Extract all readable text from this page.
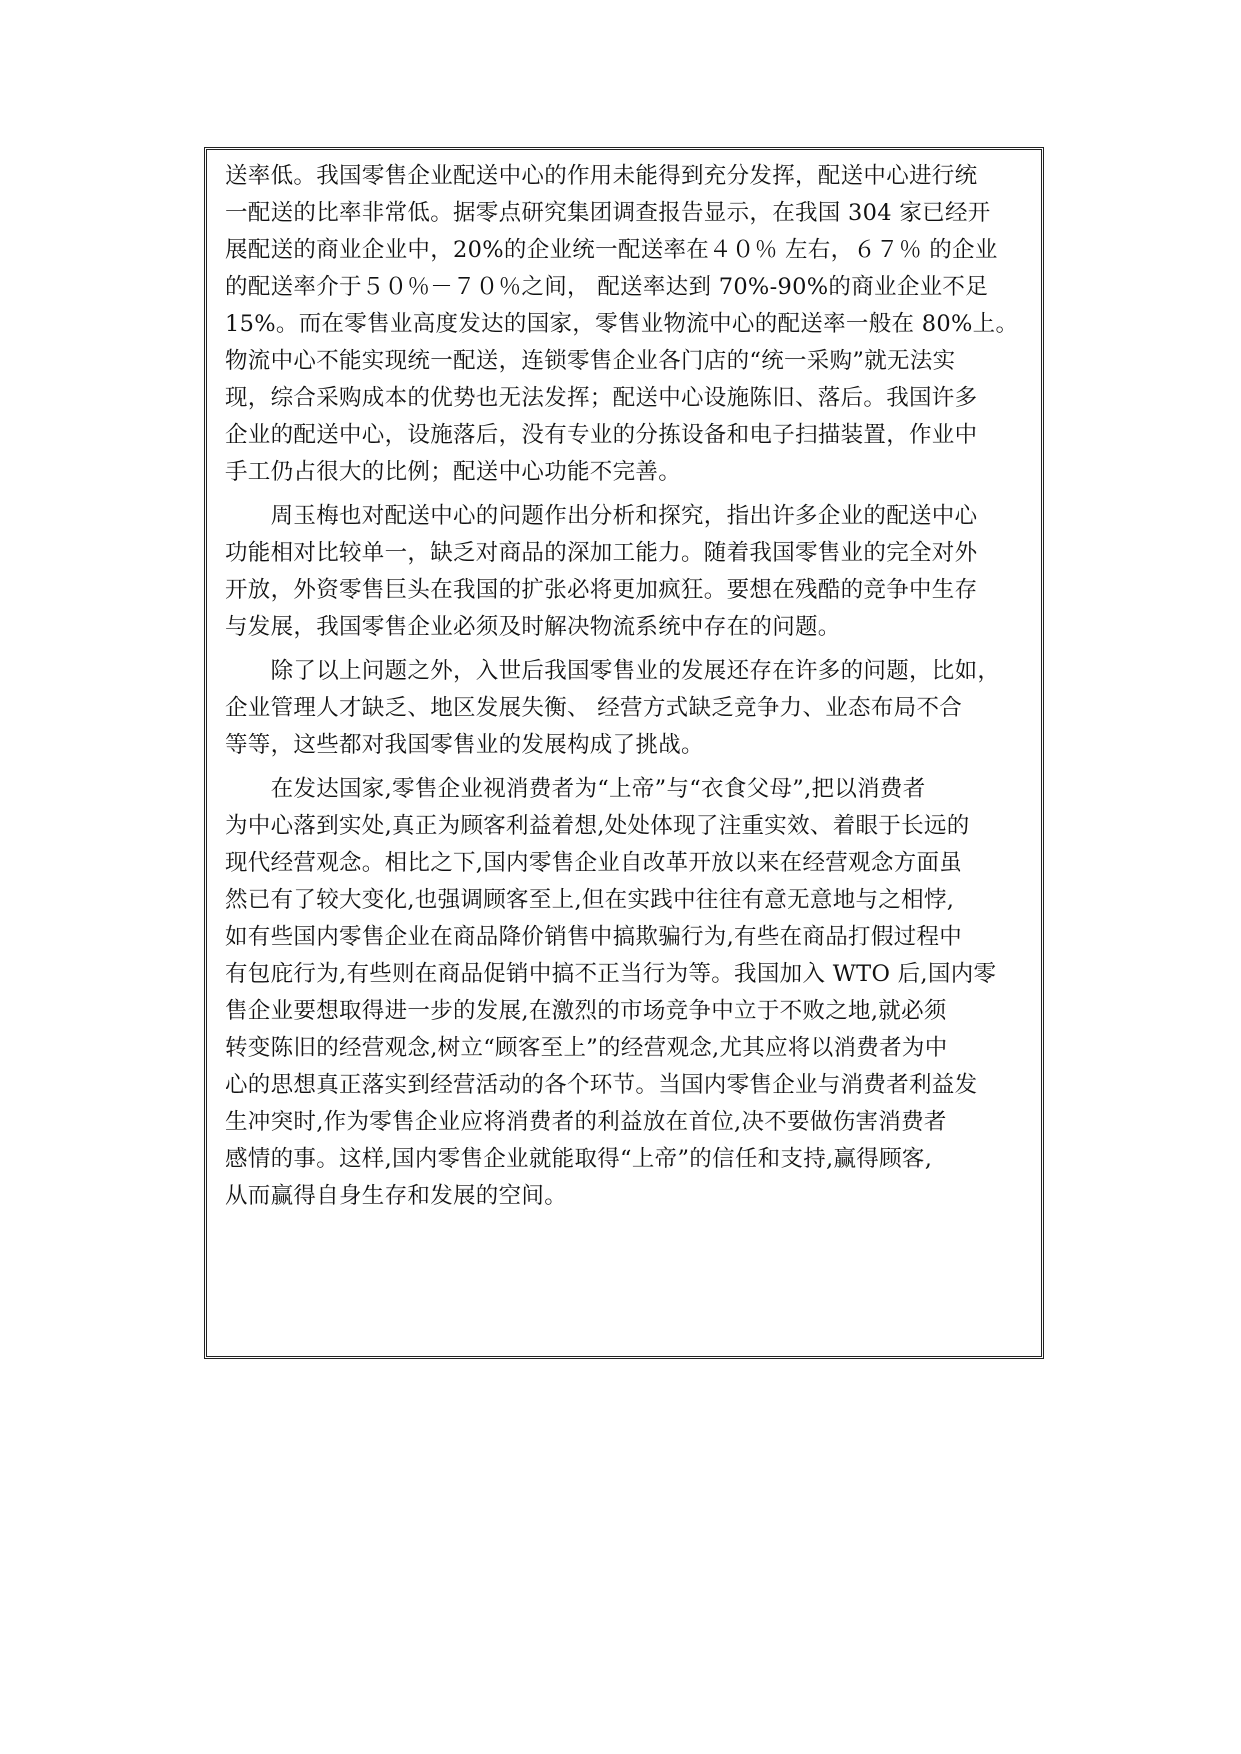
送率低。我国零售企业配送中心的作用未能得到充分发挥，配送中心进行统
一配送的比率非常低。据零点研究集团调查报告显示，在我国 304 家已经开
展配送的商业企业中，20%的企业统一配送率在４０％ 左右，６７％ 的企业
的配送率介于５０％－７０％之间， 配送率达到 70%-90%的商业企业不足
15%。而在零售业高度发达的国家，零售业物流中心的配送率一般在 80%上。
物流中心不能实现统一配送，连锁零售企业各门店的“统一采购”就无法实
现，综合采购成本的优势也无法发挥；配送中心设施陈旧、落后。我国许多
企业的配送中心，设施落后，没有专业的分拣设备和电子扫描装置，作业中
手工仍占很大的比例；配送中心功能不完善。
　　周玉梅也对配送中心的问题作出分析和探究，指出许多企业的配送中心
功能相对比较单一，缺乏对商品的深加工能力。随着我国零售业的完全对外
开放，外资零售巨头在我国的扩张必将更加疯狂。要想在残酷的竞争中生存
与发展，我国零售企业必须及时解决物流系统中存在的问题。
　　除了以上问题之外，入世后我国零售业的发展还存在许多的问题，比如，
企业管理人才缺乏、地区发展失衡、 经营方式缺乏竞争力、业态布局不合
等等，这些都对我国零售业的发展构成了挑战。
　　在发达国家,零售企业视消费者为“上帝”与“衣食父母”,把以消费者
为中心落到实处,真正为顾客利益着想,处处体现了注重实效、着眼于长远的
现代经营观念。相比之下,国内零售企业自改革开放以来在经营观念方面虽
然已有了较大变化,也强调顾客至上,但在实践中往往有意无意地与之相悖,
如有些国内零售企业在商品降价销售中搞欺骗行为,有些在商品打假过程中
有包庇行为,有些则在商品促销中搞不正当行为等。我国加入 WTO 后,国内零
售企业要想取得进一步的发展,在激烈的市场竞争中立于不败之地,就必须
转变陈旧的经营观念,树立“顾客至上”的经营观念,尤其应将以消费者为中
心的思想真正落实到经营活动的各个环节。当国内零售企业与消费者利益发
生冲突时,作为零售企业应将消费者的利益放在首位,决不要做伤害消费者
感情的事。这样,国内零售企业就能取得“上帝”的信任和支持,赢得顾客,
从而赢得自身生存和发展的空间。
